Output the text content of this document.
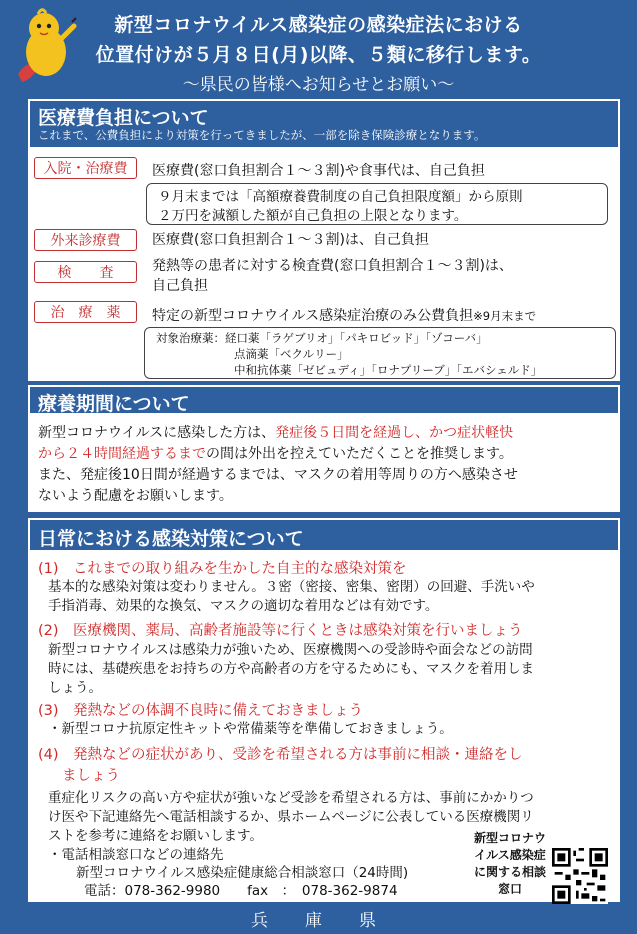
新型コロナウイルス感染症の感染症法における
位置付けが５月８日(月)以降、５類に移行します。
～県民の皆様へお知らせとお願い～
医療費負担について
これまで、公費負担により対策を行ってきましたが、一部を除き保険診療となります。
入院・治療費	医療費(窓口負担割合１～３割)や食事代は、自己負担
９月末までは「高額療養費制度の自己負担限度額」から原則
２万円を減額した額が自己負担の上限となります。
外来診療費	医療費(窓口負担割合１～３割)は、自己負担
検　　査	発熱等の患者に対する検査費(窓口負担割合１～３割)は、
自己負担
治　療　薬	特定の新型コロナウイルス感染症治療のみ公費負担※9月末まで
対象治療薬：経口薬「ラゲブリオ」「パキロビッド」「ゾコーバ」
点滴薬「ベクルリー」
中和抗体薬「ゼビュディ」「ロナプリーブ」「エバシェルド」
療養期間について
新型コロナウイルスに感染した方は、発症後５日間を経過し、かつ症状軽快
から２４時間経過するまでの間は外出を控えていただくことを推奨します。
また、発症後10日間が経過するまでは、マスクの着用等周りの方へ感染させ
ないよう配慮をお願いします。
日常における感染対策について
(1)　これまでの取り組みを生かした自主的な感染対策を
基本的な感染対策は変わりません。３密（密接、密集、密閉）の回避、手洗いや
手指消毒、効果的な換気、マスクの適切な着用などは有効です。
(2)　医療機関、薬局、高齢者施設等に行くときは感染対策を行いましょう
新型コロナウイルスは感染力が強いため、医療機関への受診時や面会などの訪問
時には、基礎疾患をお持ちの方や高齢者の方を守るためにも、マスクを着用しま
しょう。
(3)　発熱などの体調不良時に備えておきましょう
・新型コロナ抗原定性キットや常備薬等を準備しておきましょう。
(4)　発熱などの症状があり、受診を希望される方は事前に相談・連絡をし
ましょう
重症化リスクの高い方や症状が強いなど受診を希望される方は、事前にかかりつ
け医や下記連絡先へ電話相談するか、県ホームページに公表している医療機関リ
ストを参考に連絡をお願いします。
・電話相談窓口などの連絡先
新型コロナウイルス感染症健康総合相談窓口（24時間)
電話：078-362-9980　　fax　：　078-362-9874
新型コロナウイルス感染症に関する相談窓口
兵　庫　県
